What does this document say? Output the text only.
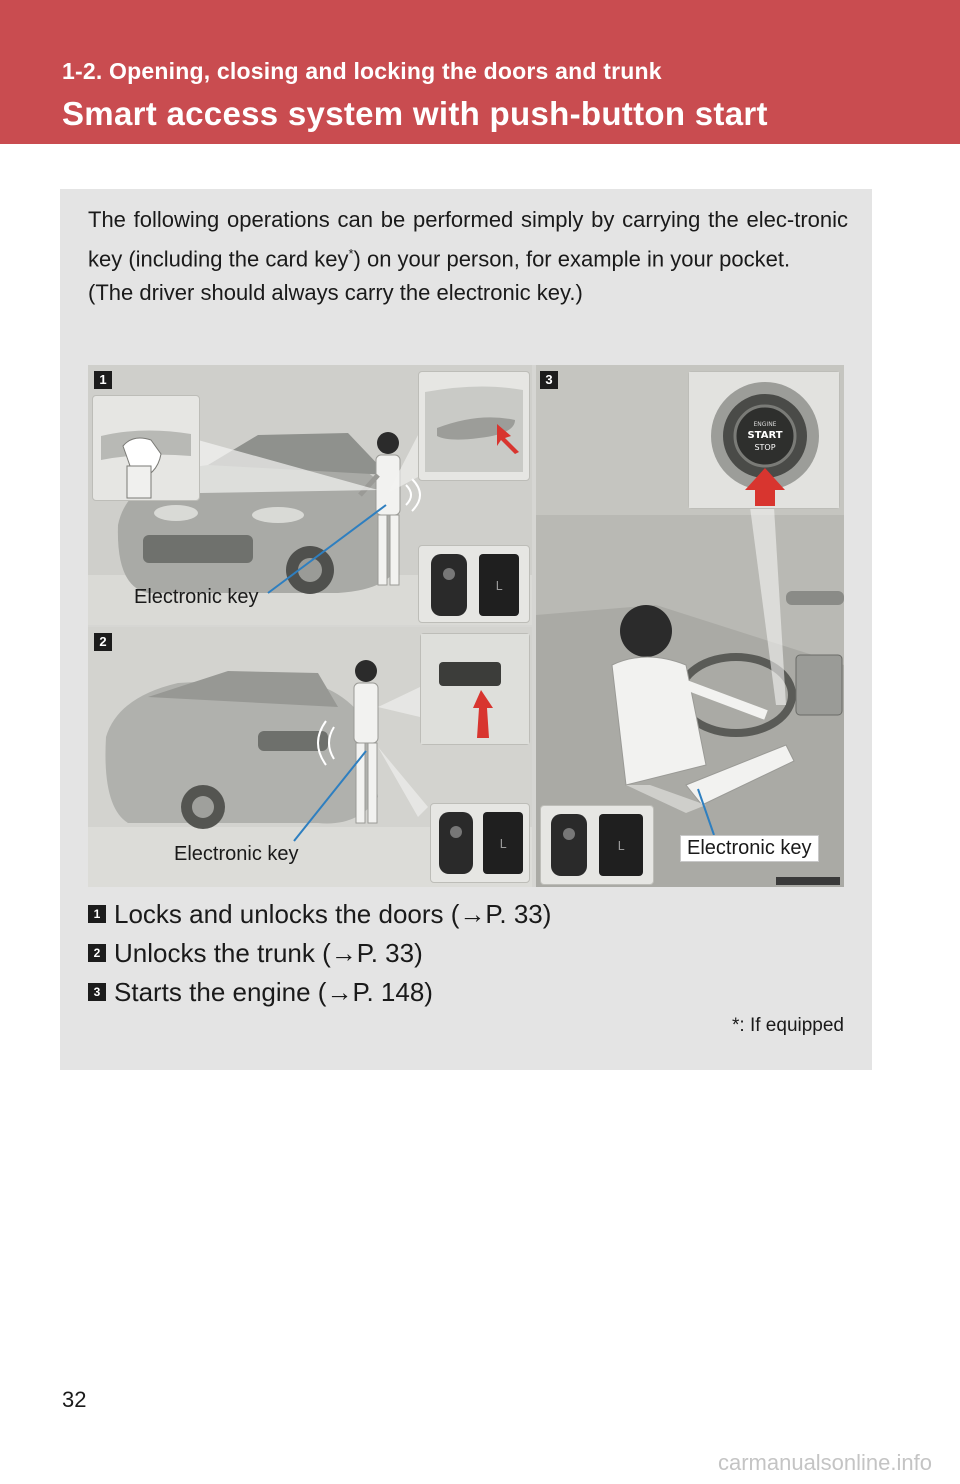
1-2. Opening, closing and locking the doors and trunk
Smart access system with push-button start
The following operations can be performed simply by carrying the elec-tronic key (including the card key*) on your person, for example in your pocket.
(The driver should always carry the electronic key.)
1
L
Electronic key
2
L
Electronic key
3
ENGINE
START
STOP
L	Electronic key
1 Locks and unlocks the doors (→P. 33)
2 Unlocks the trunk (→P. 33)
3 Starts the engine (→P. 148)
*: If equipped
32
carmanualsonline.info
